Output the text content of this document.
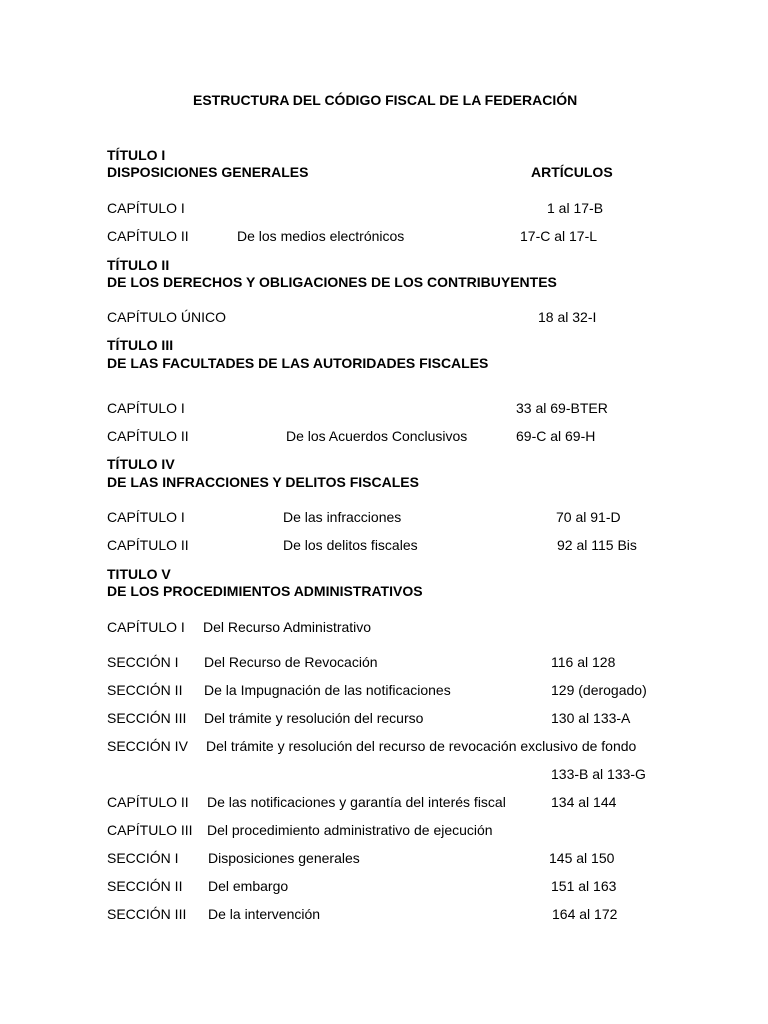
ESTRUCTURA DEL CÓDIGO FISCAL DE LA FEDERACIÓN
TÍTULO I
DISPOSICIONES GENERALES	ARTÍCULOS
CAPÍTULO I	1 al 17-B
CAPÍTULO II	De los medios electrónicos	17-C al 17-L
TÍTULO II
DE LOS DERECHOS Y OBLIGACIONES DE LOS CONTRIBUYENTES
CAPÍTULO ÚNICO	18 al 32-I
TÍTULO III
DE LAS FACULTADES DE LAS AUTORIDADES FISCALES
CAPÍTULO I	33 al 69-BTER
CAPÍTULO II	De los Acuerdos Conclusivos	69-C al 69-H
TÍTULO IV
DE LAS INFRACCIONES Y DELITOS FISCALES
CAPÍTULO I	De las infracciones	70 al 91-D
CAPÍTULO II	De los delitos fiscales	92 al 115 Bis
TITULO V
DE LOS PROCEDIMIENTOS ADMINISTRATIVOS
CAPÍTULO I Del Recurso Administrativo
SECCIÓN I Del Recurso de Revocación	116 al 128
SECCIÓN II De la Impugnación de las notificaciones	129 (derogado)
SECCIÓN III Del trámite y resolución del recurso	130 al 133-A
SECCIÓN IV Del trámite y resolución del recurso de revocación exclusivo de fondo
133-B al 133-G
CAPÍTULO II De las notificaciones y garantía del interés fiscal	134 al 144
CAPÍTULO III Del procedimiento administrativo de ejecución
SECCIÓN I Disposiciones generales	145 al 150
SECCIÓN II Del embargo	151 al 163
SECCIÓN III De la intervención	164 al 172
